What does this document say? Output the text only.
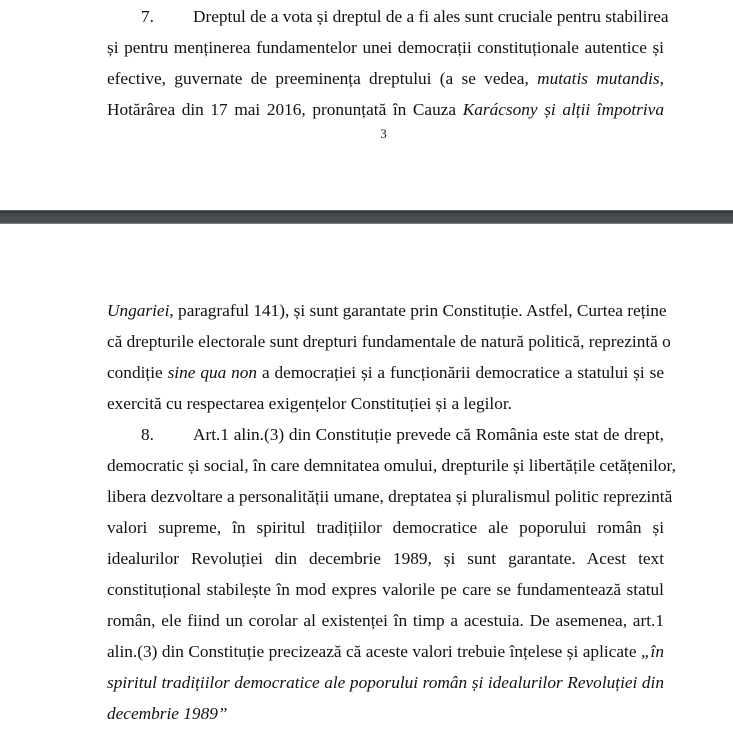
7.	Dreptul de a vota și dreptul de a fi ales sunt cruciale pentru stabilirea
și pentru menținerea fundamentelor unei democrații constituționale autentice și
efective, guvernate de preeminența dreptului (a se vedea, mutatis mutandis,
Hotărârea din 17 mai 2016, pronunțată în Cauza Karácsony și alții împotriva
3
Ungariei, paragraful 141), și sunt garantate prin Constituție. Astfel, Curtea reține
că drepturile electorale sunt drepturi fundamentale de natură politică, reprezintă o
condiție sine qua non a democrației și a funcționării democratice a statului și se
exercită cu respectarea exigențelor Constituției și a legilor.
8.	Art.1 alin.(3) din Constituție prevede că România este stat de drept,
democratic și social, în care demnitatea omului, drepturile și libertățile cetățenilor,
libera dezvoltare a personalității umane, dreptatea și pluralismul politic reprezintă
valori supreme, în spiritul tradițiilor democratice ale poporului român și
idealurilor Revoluției din decembrie 1989, și sunt garantate. Acest text
constituțional stabilește în mod expres valorile pe care se fundamentează statul
român, ele fiind un corolar al existenței în timp a acestuia. De asemenea, art.1
alin.(3) din Constituție precizează că aceste valori trebuie înțelese și aplicate „în
spiritul tradițiilor democratice ale poporului român și idealurilor Revoluției din
decembrie 1989”
